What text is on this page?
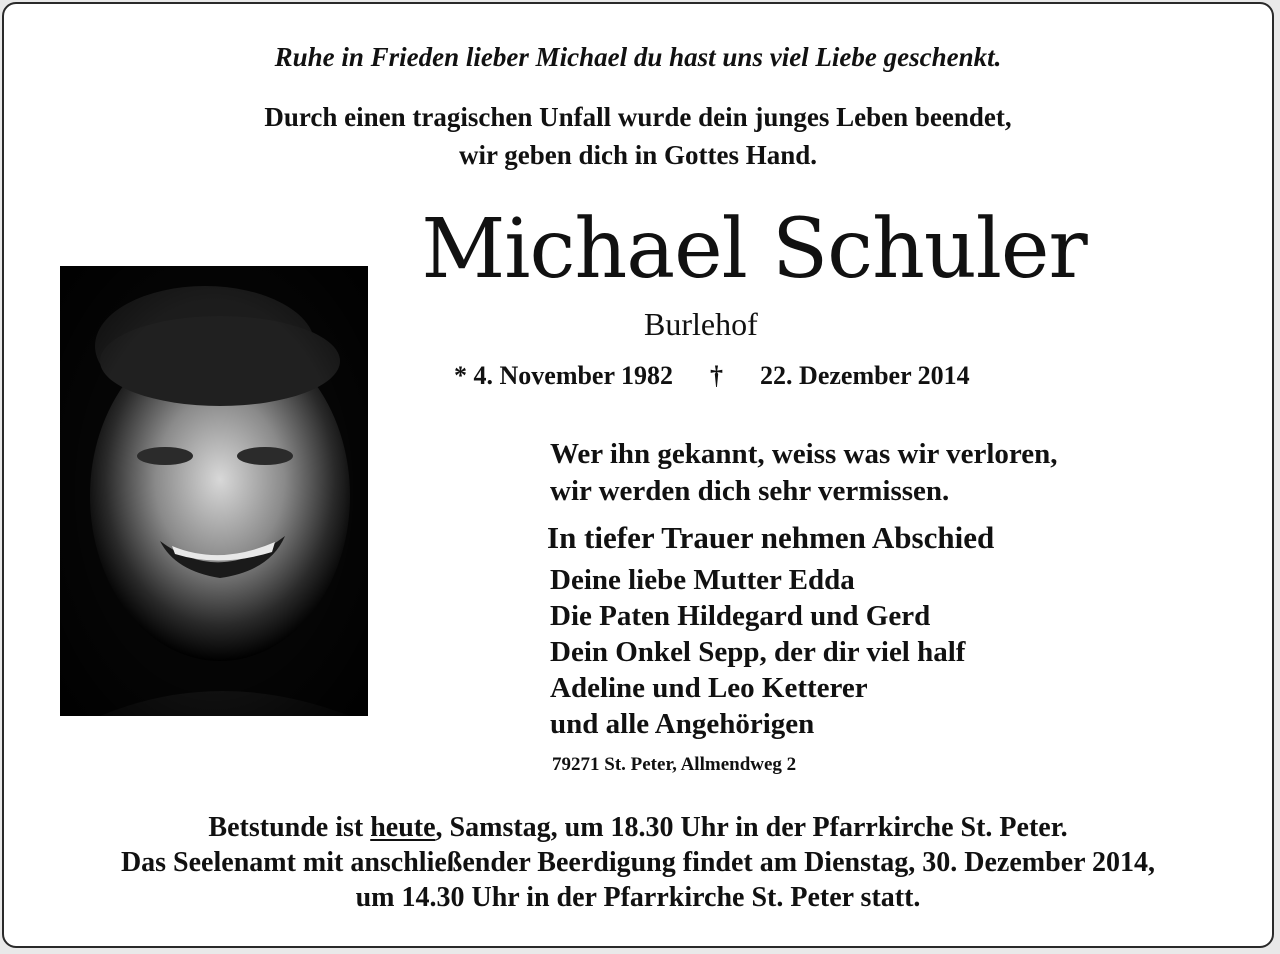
Ruhe in Frieden lieber Michael du hast uns viel Liebe geschenkt.
Durch einen tragischen Unfall wurde dein junges Leben beendet,
wir geben dich in Gottes Hand.
Michael Schuler
Burlehof
* 4. November 1982 † 22. Dezember 2014
Wer ihn gekannt, weiss was wir verloren,
wir werden dich sehr vermissen.
In tiefer Trauer nehmen Abschied
Deine liebe Mutter Edda
Die Paten Hildegard und Gerd
Dein Onkel Sepp, der dir viel half
Adeline und Leo Ketterer
und alle Angehörigen
79271 St. Peter, Allmendweg 2
Betstunde ist heute, Samstag, um 18.30 Uhr in der Pfarrkirche St. Peter.
Das Seelenamt mit anschließender Beerdigung findet am Dienstag, 30. Dezember 2014,
um 14.30 Uhr in der Pfarrkirche St. Peter statt.
